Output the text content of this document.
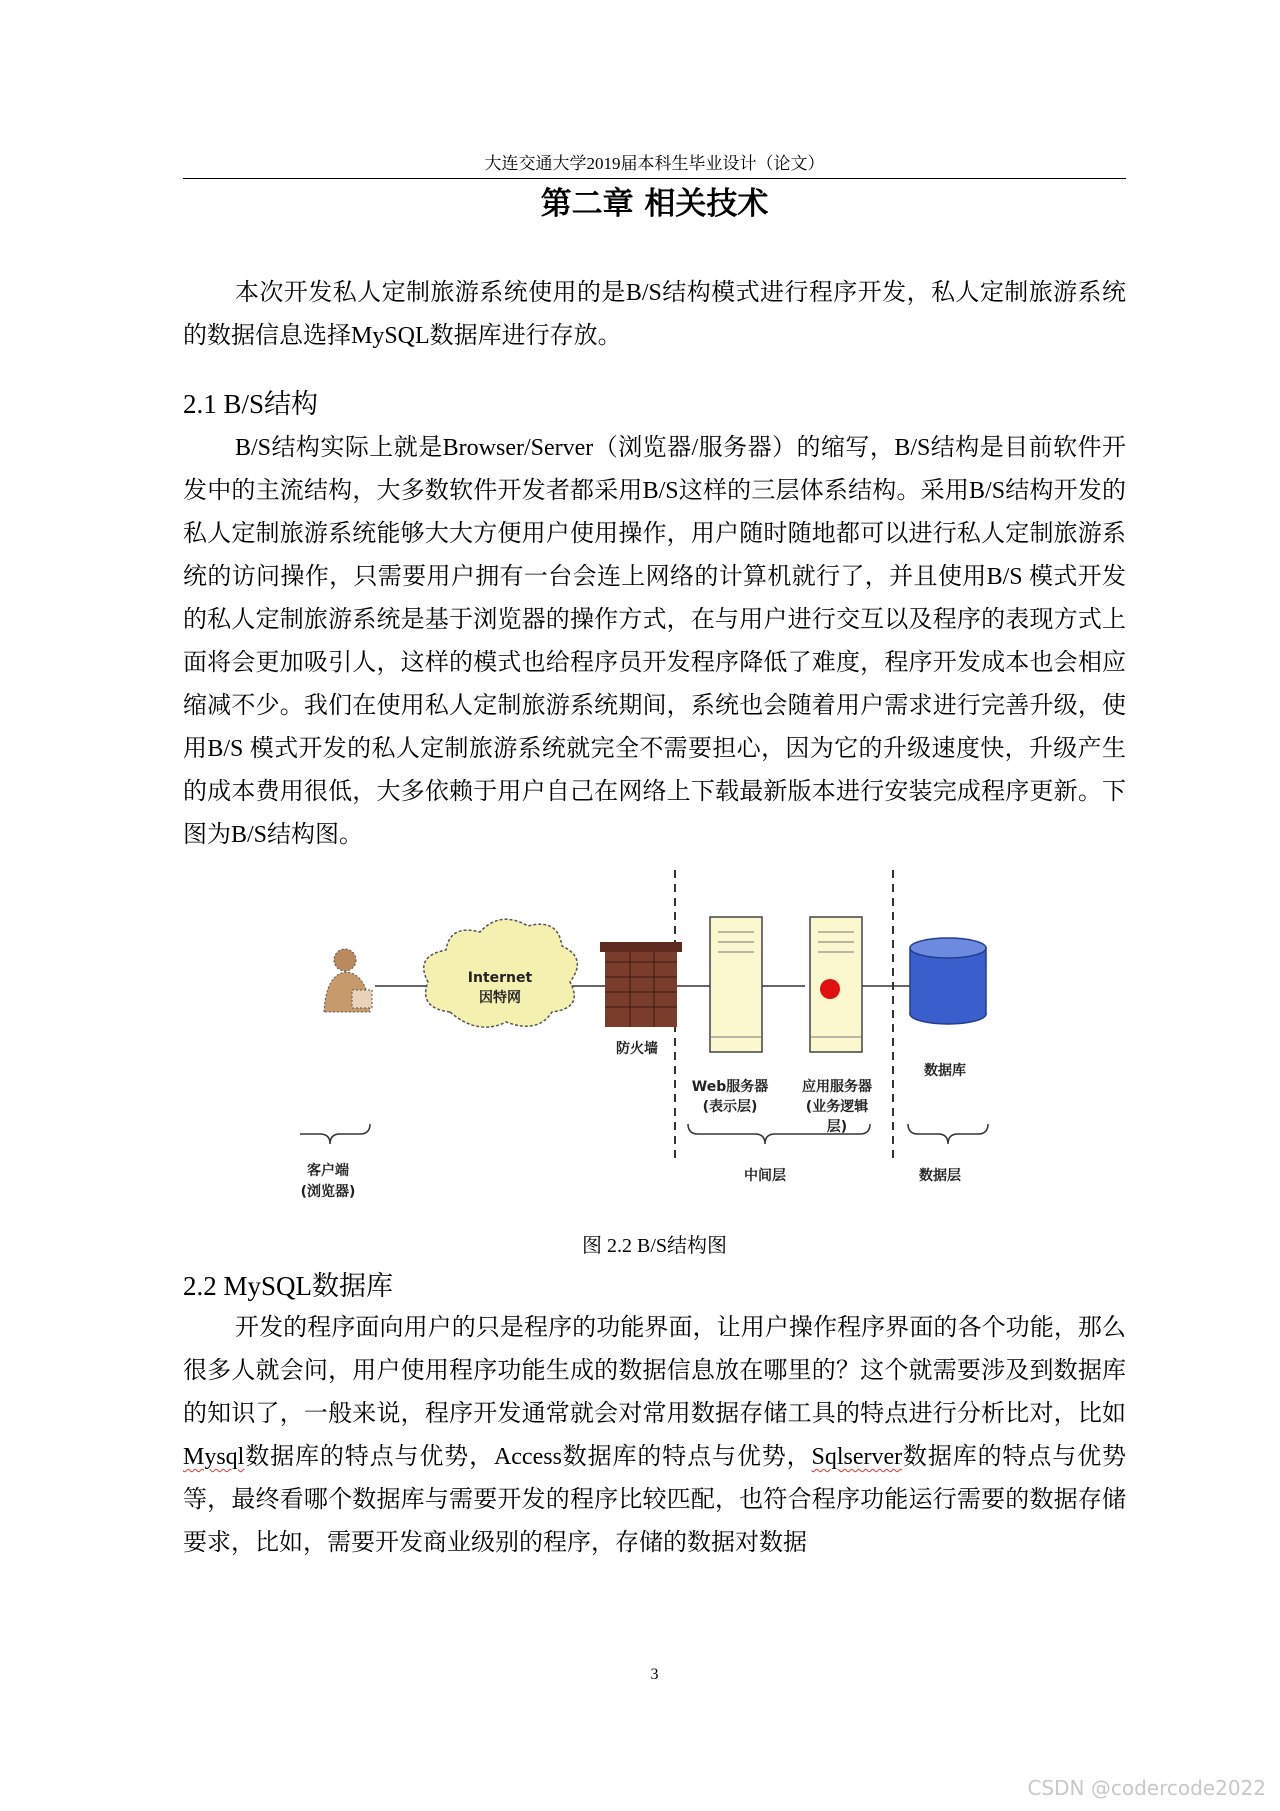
大连交通大学2019届本科生毕业设计（论文）
第二章 相关技术

本次开发私人定制旅游系统使用的是B/S结构模式进行程序开发，私人定制旅游系统的数据信息选择MySQL数据库进行存放。

2.1 B/S结构

B/S结构实际上就是Browser/Server（浏览器/服务器）的缩写，B/S结构是目前软件开发中的主流结构，大多数软件开发者都采用B/S这样的三层体系结构。采用B/S结构开发的私人定制旅游系统能够大大方便用户使用操作，用户随时随地都可以进行私人定制旅游系统的访问操作，只需要用户拥有一台会连上网络的计算机就行了，并且使用B/S 模式开发的私人定制旅游系统是基于浏览器的操作方式，在与用户进行交互以及程序的表现方式上面将会更加吸引人，这样的模式也给程序员开发程序降低了难度，程序开发成本也会相应缩减不少。我们在使用私人定制旅游系统期间，系统也会随着用户需求进行完善升级，使用B/S 模式开发的私人定制旅游系统就完全不需要担心，因为它的升级速度快，升级产生的成本费用很低，大多依赖于用户自己在网络上下载最新版本进行安装完成程序更新。下图为B/S结构图。

Internet
因特网
防火墙
Web服务器
(表示层)
应用服务器
(业务逻辑
层)
数据库
客户端
(浏览器)
中间层	数据层
图 2.2 B/S结构图
2.2 MySQL数据库

开发的程序面向用户的只是程序的功能界面，让用户操作程序界面的各个功能，那么很多人就会问，用户使用程序功能生成的数据信息放在哪里的？这个就需要涉及到数据库的知识了，一般来说，程序开发通常就会对常用数据存储工具的特点进行分析比对，比如Mysql数据库的特点与优势，Access数据库的特点与优势，Sqlserver数据库的特点与优势等，最终看哪个数据库与需要开发的程序比较匹配，也符合程序功能运行需要的数据存储要求，比如，需要开发商业级别的程序，存储的数据对数据

3
CSDN @codercode2022
